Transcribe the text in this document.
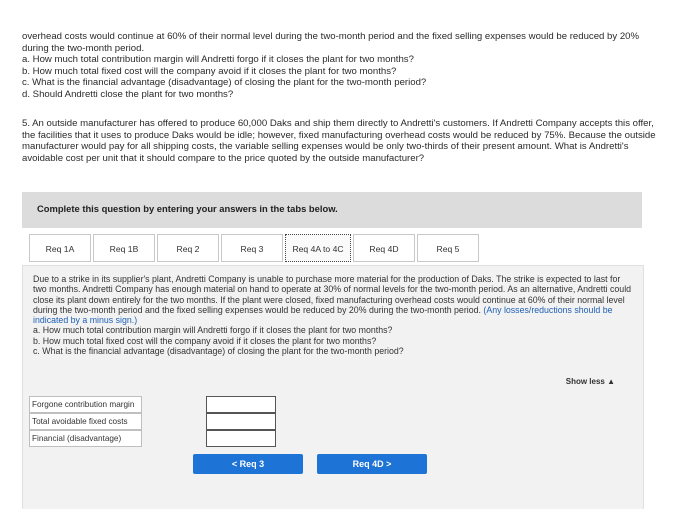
overhead costs would continue at 60% of their normal level during the two-month period and the fixed selling expenses would be reduced by 20% during the two-month period.

a. How much total contribution margin will Andretti forgo if it closes the plant for two months?

b. How much total fixed cost will the company avoid if it closes the plant for two months?

c. What is the financial advantage (disadvantage) of closing the plant for the two-month period?

d. Should Andretti close the plant for two months?

5. An outside manufacturer has offered to produce 60,000 Daks and ship them directly to Andretti's customers. If Andretti Company accepts this offer, the facilities that it uses to produce Daks would be idle; however, fixed manufacturing overhead costs would be reduced by 75%. Because the outside manufacturer would pay for all shipping costs, the variable selling expenses would be only two-thirds of their present amount. What is Andretti's avoidable cost per unit that it should compare to the price quoted by the outside manufacturer?

Complete this question by entering your answers in the tabs below.
Req 1A	Req 1B	Req 2	Req 3	Req 4A to 4C	Req 4D	Req 5

Due to a strike in its supplier's plant, Andretti Company is unable to purchase more material for the production of Daks. The strike is expected to last for two months. Andretti Company has enough material on hand to operate at 30% of normal levels for the two-month period. As an alternative, Andretti could close its plant down entirely for the two months. If the plant were closed, fixed manufacturing overhead costs would continue at 60% of their normal level during the two-month period and the fixed selling expenses would be reduced by 20% during the two-month period. (Any losses/reductions should be indicated by a minus sign.)

a. How much total contribution margin will Andretti forgo if it closes the plant for two months?

b. How much total fixed cost will the company avoid if it closes the plant for two months?

c. What is the financial advantage (disadvantage) of closing the plant for the two-month period?

Show less ▲
Forgone contribution margin
Total avoidable fixed costs
Financial (disadvantage)
< Req 3	Req 4D >
